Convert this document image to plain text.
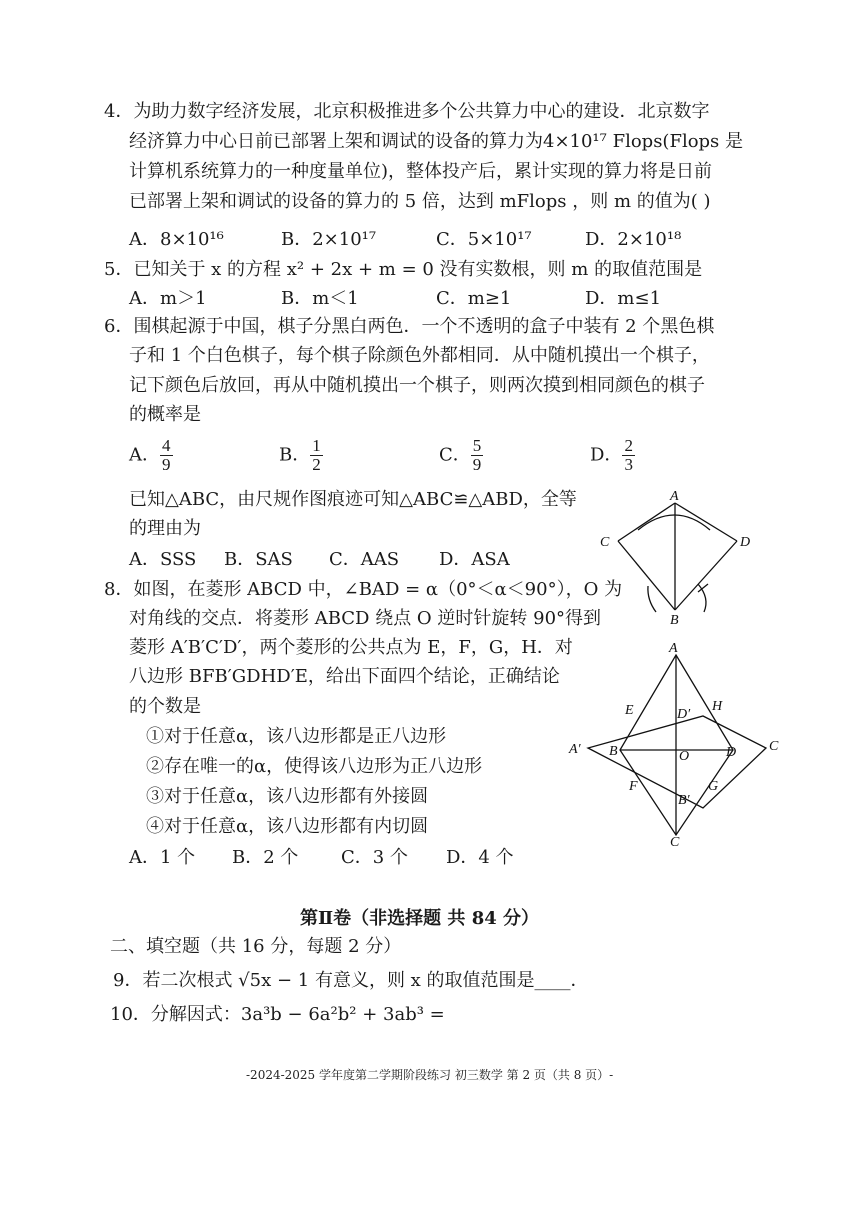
4．为助力数字经济发展，北京积极推进多个公共算力中心的建设．北京数字
经济算力中心日前已部署上架和调试的设备的算力为4×10¹⁷ Flops(Flops 是
计算机系统算力的一种度量单位)，整体投产后，累计实现的算力将是日前
已部署上架和调试的设备的算力的 5 倍，达到 mFlops ，则 m 的值为( )
A．8×10¹⁶	B．2×10¹⁷	C．5×10¹⁷	D．2×10¹⁸
5．已知关于 x 的方程 x² + 2x + m = 0 没有实数根，则 m 的取值范围是
A．m＞1	B．m＜1	C．m≥1	D．m≤1
6．围棋起源于中国，棋子分黑白两色．一个不透明的盒子中装有 2 个黑色棋
子和 1 个白色棋子，每个棋子除颜色外都相同．从中随机摸出一个棋子，
记下颜色后放回，再从中随机摸出一个棋子，则两次摸到相同颜色的棋子
的概率是
A． $\frac{4}{9}$	B． $\frac{1}{2}$	C． $\frac{5}{9}$	D． $\frac{2}{3}$
已知△ABC，由尺规作图痕迹可知△ABC≌△ABD，全等
的理由为
A．SSS B．SAS C．AAS D．ASA
A
C	D
B
8．如图，在菱形 ABCD 中，∠BAD = α（0°＜α＜90°），O 为
对角线的交点．将菱形 ABCD 绕点 O 逆时针旋转 90°得到
菱形 A′B′C′D′，两个菱形的公共点为 E，F，G，H．对
八边形 BFB′GDHD′E，给出下面四个结论，正确结论
的个数是
①对于任意α，该八边形都是正八边形
②存在唯一的α，使得该八边形为正八边形
③对于任意α，该八边形都有外接圆
④对于任意α，该八边形都有内切圆
A．1 个 B．2 个 C．3 个 D．4 个
A
C
A′	C
B	D
O
D′
B′
E
F	G
H
第Ⅱ卷（非选择题 共 84 分）
二、填空题（共 16 分，每题 2 分）
9．若二次根式 √5x − 1 有意义，则 x 的取值范围是____．
10．分解因式：3a³b − 6a²b² + 3ab³ =
-2024-2025 学年度第二学期阶段练习 初三数学 第 2 页（共 8 页）-
